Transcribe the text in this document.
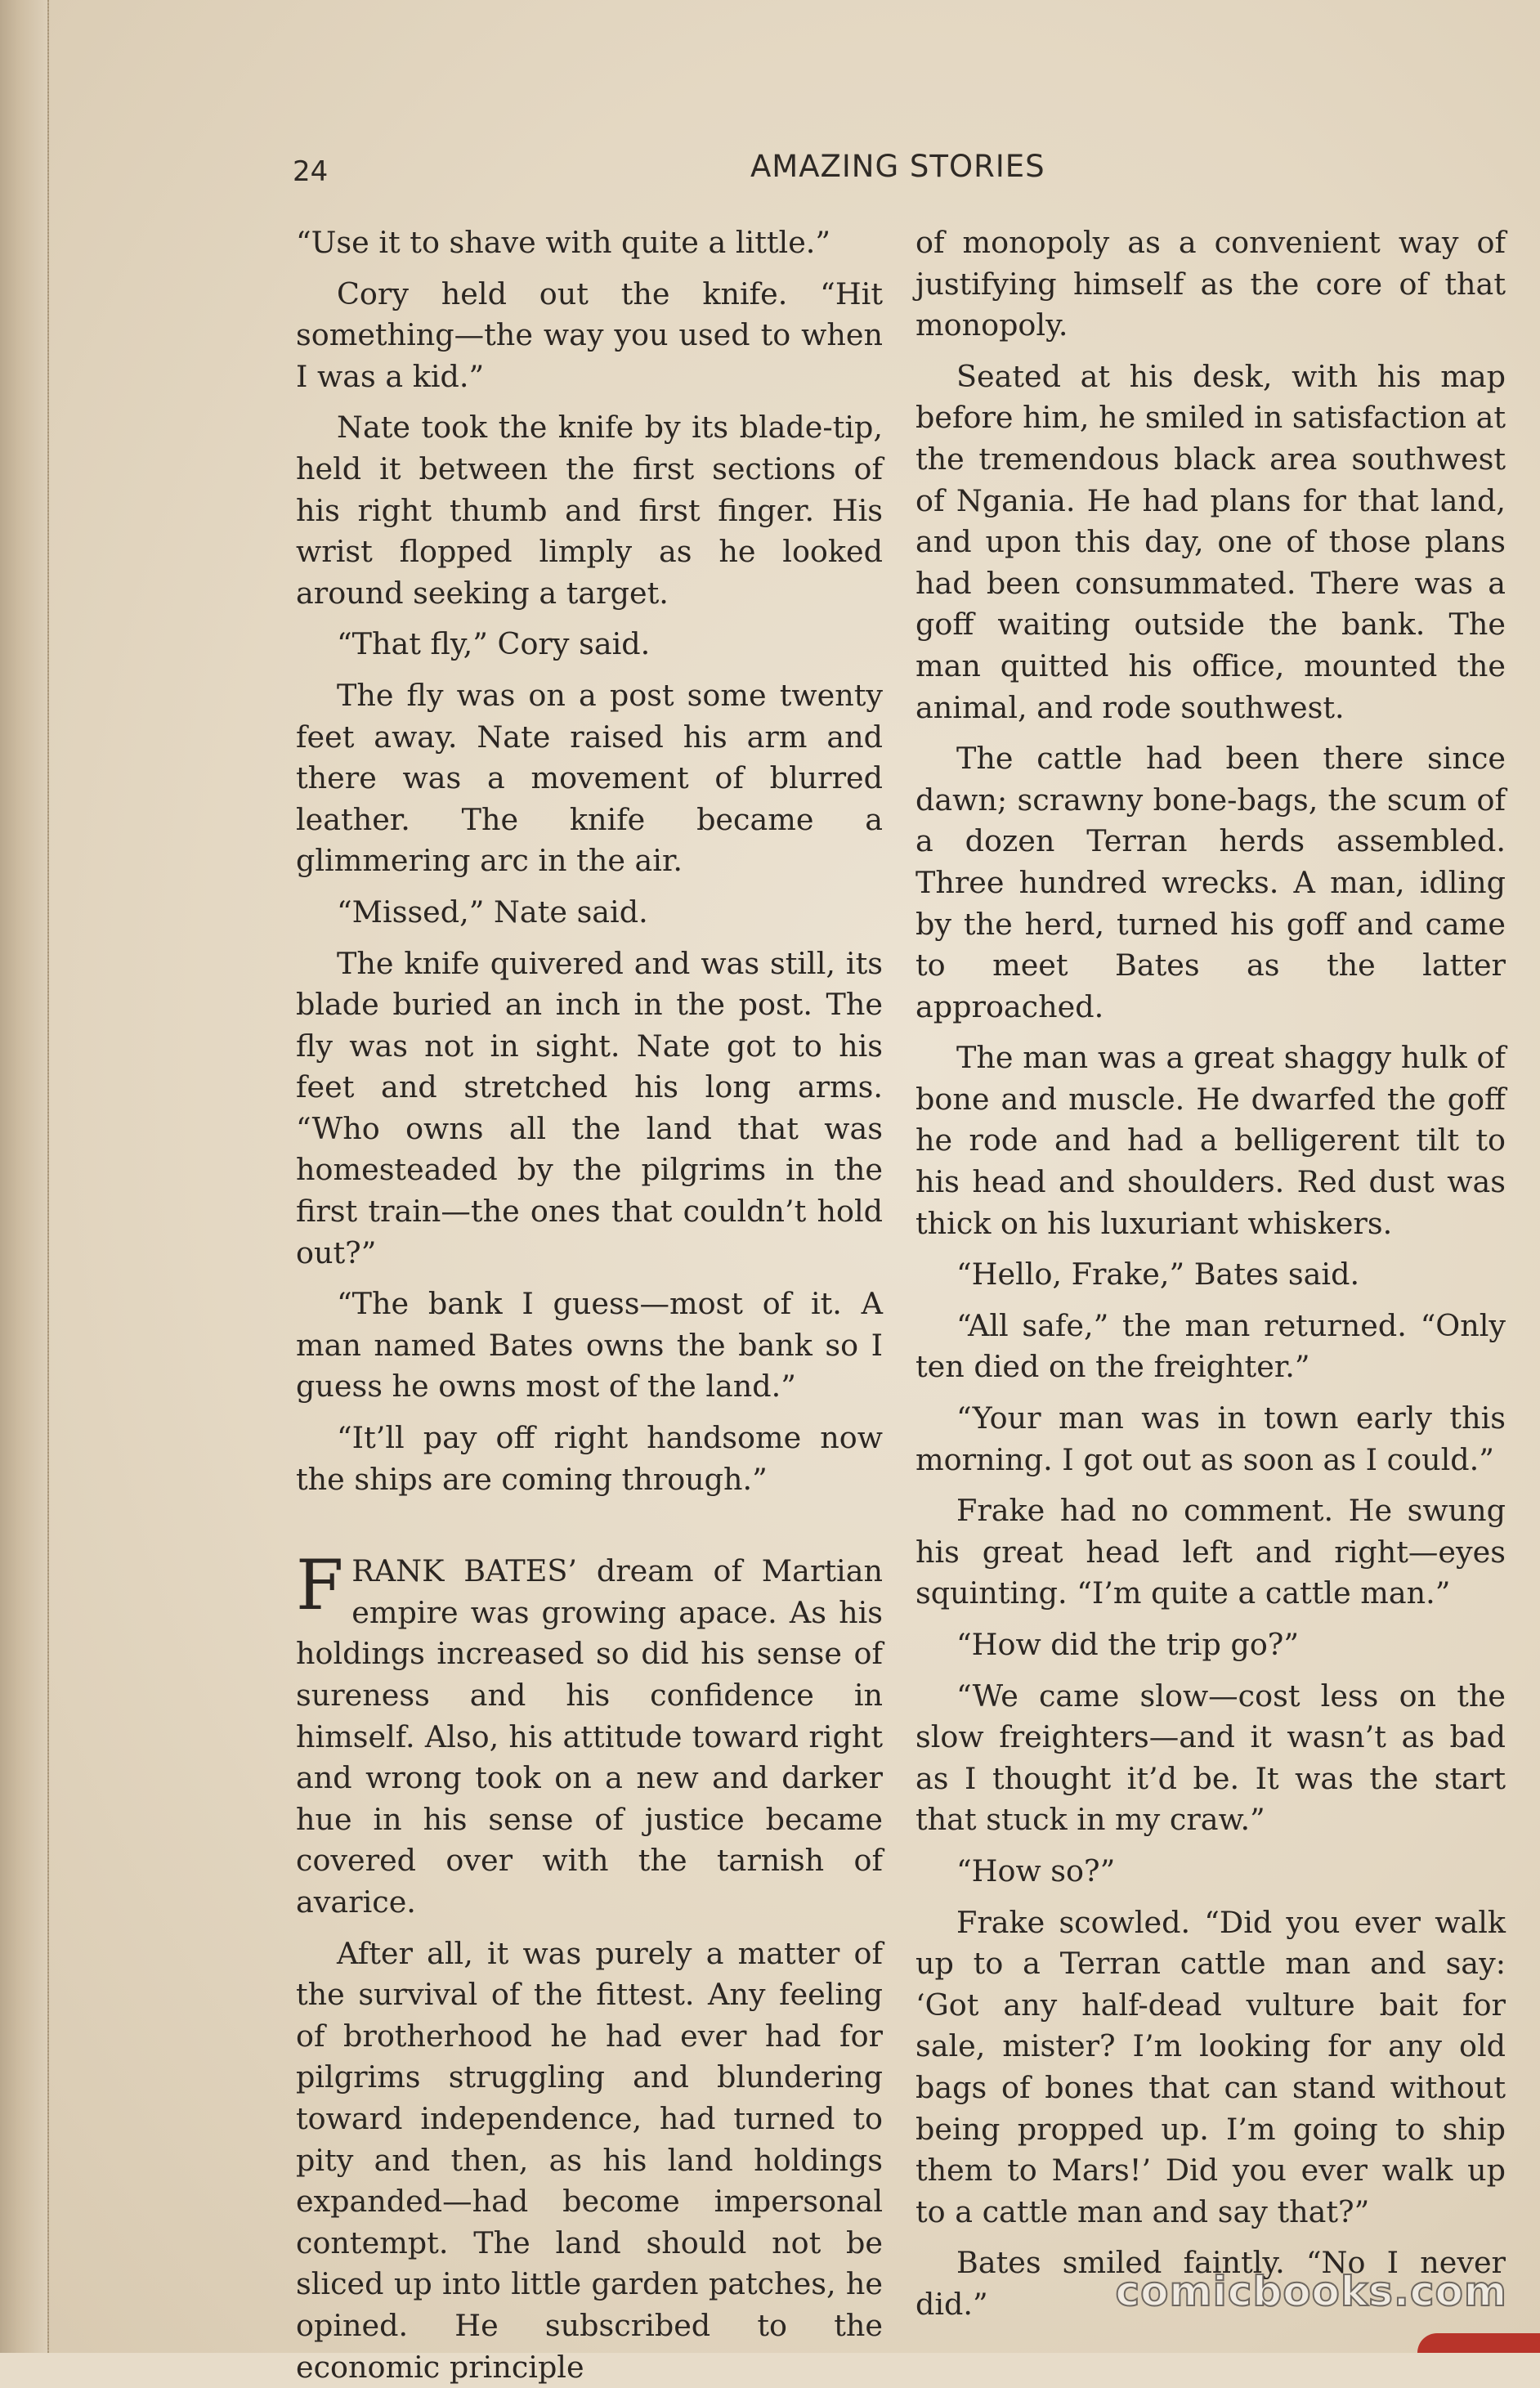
24	AMAZING STORIES

“Use it to shave with quite a little.”

Cory held out the knife. “Hit something—the way you used to when I was a kid.”

Nate took the knife by its blade-tip, held it between the first sections of his right thumb and first finger. His wrist flopped limply as he looked around seeking a target.

“That fly,” Cory said.

The fly was on a post some twenty feet away. Nate raised his arm and there was a movement of blurred leather. The knife became a glimmering arc in the air.

“Missed,” Nate said.

The knife quivered and was still, its blade buried an inch in the post. The fly was not in sight. Nate got to his feet and stretched his long arms. “Who owns all the land that was homesteaded by the pilgrims in the first train—the ones that couldn’t hold out?”

“The bank I guess—most of it. A man named Bates owns the bank so I guess he owns most of the land.”

“It’ll pay off right handsome now the ships are coming through.”

FRANK BATES’ dream of Martian empire was growing apace. As his holdings increased so did his sense of sureness and his confidence in himself. Also, his attitude toward right and wrong took on a new and darker hue in his sense of justice became covered over with the tarnish of avarice.

After all, it was purely a matter of the survival of the fittest. Any feeling of brotherhood he had ever had for pilgrims struggling and blundering toward independence, had turned to pity and then, as his land holdings expanded—had become impersonal contempt. The land should not be sliced up into little garden patches, he opined. He subscribed to the economic principle

of monopoly as a convenient way of justifying himself as the core of that monopoly.

Seated at his desk, with his map before him, he smiled in satisfaction at the tremendous black area southwest of Ngania. He had plans for that land, and upon this day, one of those plans had been consummated. There was a goff waiting outside the bank. The man quitted his office, mounted the animal, and rode southwest.

The cattle had been there since dawn; scrawny bone-bags, the scum of a dozen Terran herds assembled. Three hundred wrecks. A man, idling by the herd, turned his goff and came to meet Bates as the latter approached.

The man was a great shaggy hulk of bone and muscle. He dwarfed the goff he rode and had a belligerent tilt to his head and shoulders. Red dust was thick on his luxuriant whiskers.

“Hello, Frake,” Bates said.

“All safe,” the man returned. “Only ten died on the freighter.”

“Your man was in town early this morning. I got out as soon as I could.”

Frake had no comment. He swung his great head left and right—eyes squinting. “I’m quite a cattle man.”

“How did the trip go?”

“We came slow—cost less on the slow freighters—and it wasn’t as bad as I thought it’d be. It was the start that stuck in my craw.”

“How so?”

Frake scowled. “Did you ever walk up to a Terran cattle man and say: ‘Got any half-dead vulture bait for sale, mister? I’m looking for any old bags of bones that can stand without being propped up. I’m going to ship them to Mars!’ Did you ever walk up to a cattle man and say that?”

Bates smiled faintly. “No I never did.”	comicbooks.com
